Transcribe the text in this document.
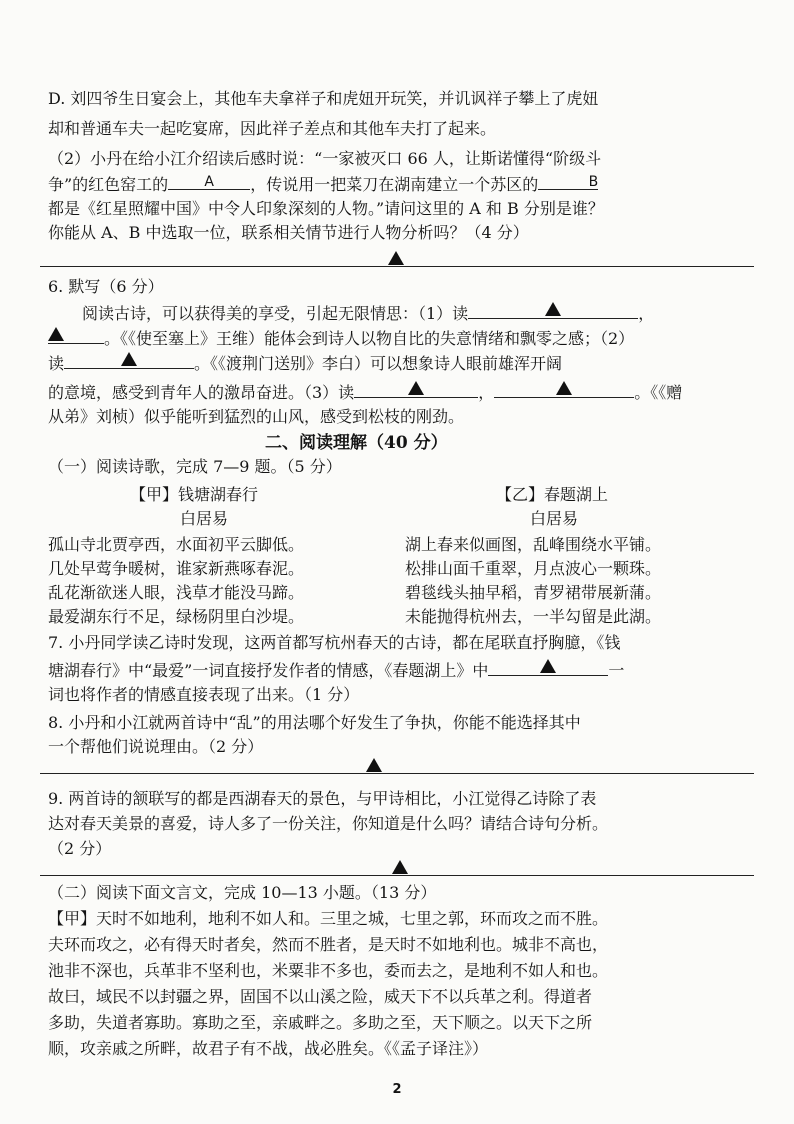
D. 刘四爷生日宴会上，其他车夫拿祥子和虎妞开玩笑，并讥讽祥子攀上了虎妞
却和普通车夫一起吃宴席，因此祥子差点和其他车夫打了起来。
（2）小丹在给小江介绍读后感时说：“一家被灭口 66 人，让斯诺懂得“阶级斗
争”的红色窑工的	A	，传说用一把菜刀在湖南建立一个苏区的	B
都是《红星照耀中国》中令人印象深刻的人物。”请问这里的 A 和 B 分别是谁？
你能从 A、B 中选取一位，联系相关情节进行人物分析吗？（4 分）
6. 默写（6 分）
阅读古诗，可以获得美的享受，引起无限情思：（1）读	，
。《《使至塞上》王维）能体会到诗人以物自比的失意情绪和飘零之感；（2）
读	。《《渡荆门送别》李白）可以想象诗人眼前雄浑开阔
的意境，感受到青年人的激昂奋进。（3）读	，	。《《赠
从弟》刘桢）似乎能听到猛烈的山风，感受到松枝的刚劲。
二、阅读理解（40 分）
（一）阅读诗歌，完成 7—9 题。（5 分）
【甲】钱塘湖春行
白居易
孤山寺北贾亭西，水面初平云脚低。
几处早莺争暖树，谁家新燕啄春泥。
乱花渐欲迷人眼，浅草才能没马蹄。
最爱湖东行不足，绿杨阴里白沙堤。
【乙】春题湖上
白居易
湖上春来似画图，乱峰围绕水平铺。
松排山面千重翠，月点波心一颗珠。
碧毯线头抽早稻，青罗裙带展新蒲。
未能抛得杭州去，一半勾留是此湖。
7. 小丹同学读乙诗时发现，这两首都写杭州春天的古诗，都在尾联直抒胸臆，《钱
塘湖春行》中“最爱”一词直接抒发作者的情感，《春题湖上》中	一
词也将作者的情感直接表现了出来。（1 分）
8. 小丹和小江就两首诗中“乱”的用法哪个好发生了争执，你能不能选择其中
一个帮他们说说理由。（2 分）
9. 两首诗的颔联写的都是西湖春天的景色，与甲诗相比，小江觉得乙诗除了表
达对春天美景的喜爱，诗人多了一份关注，你知道是什么吗？请结合诗句分析。
（2 分）
（二）阅读下面文言文，完成 10—13 小题。（13 分）
【甲】天时不如地利，地利不如人和。三里之城，七里之郭，环而攻之而不胜。
夫环而攻之，必有得天时者矣，然而不胜者，是天时不如地利也。城非不高也，
池非不深也，兵革非不坚利也，米粟非不多也，委而去之，是地利不如人和也。
故曰，域民不以封疆之界，固国不以山溪之险，威天下不以兵革之利。得道者
多助，失道者寡助。寡助之至，亲戚畔之。多助之至，天下顺之。以天下之所
顺，攻亲戚之所畔，故君子有不战，战必胜矣。《《孟子译注》）
2
